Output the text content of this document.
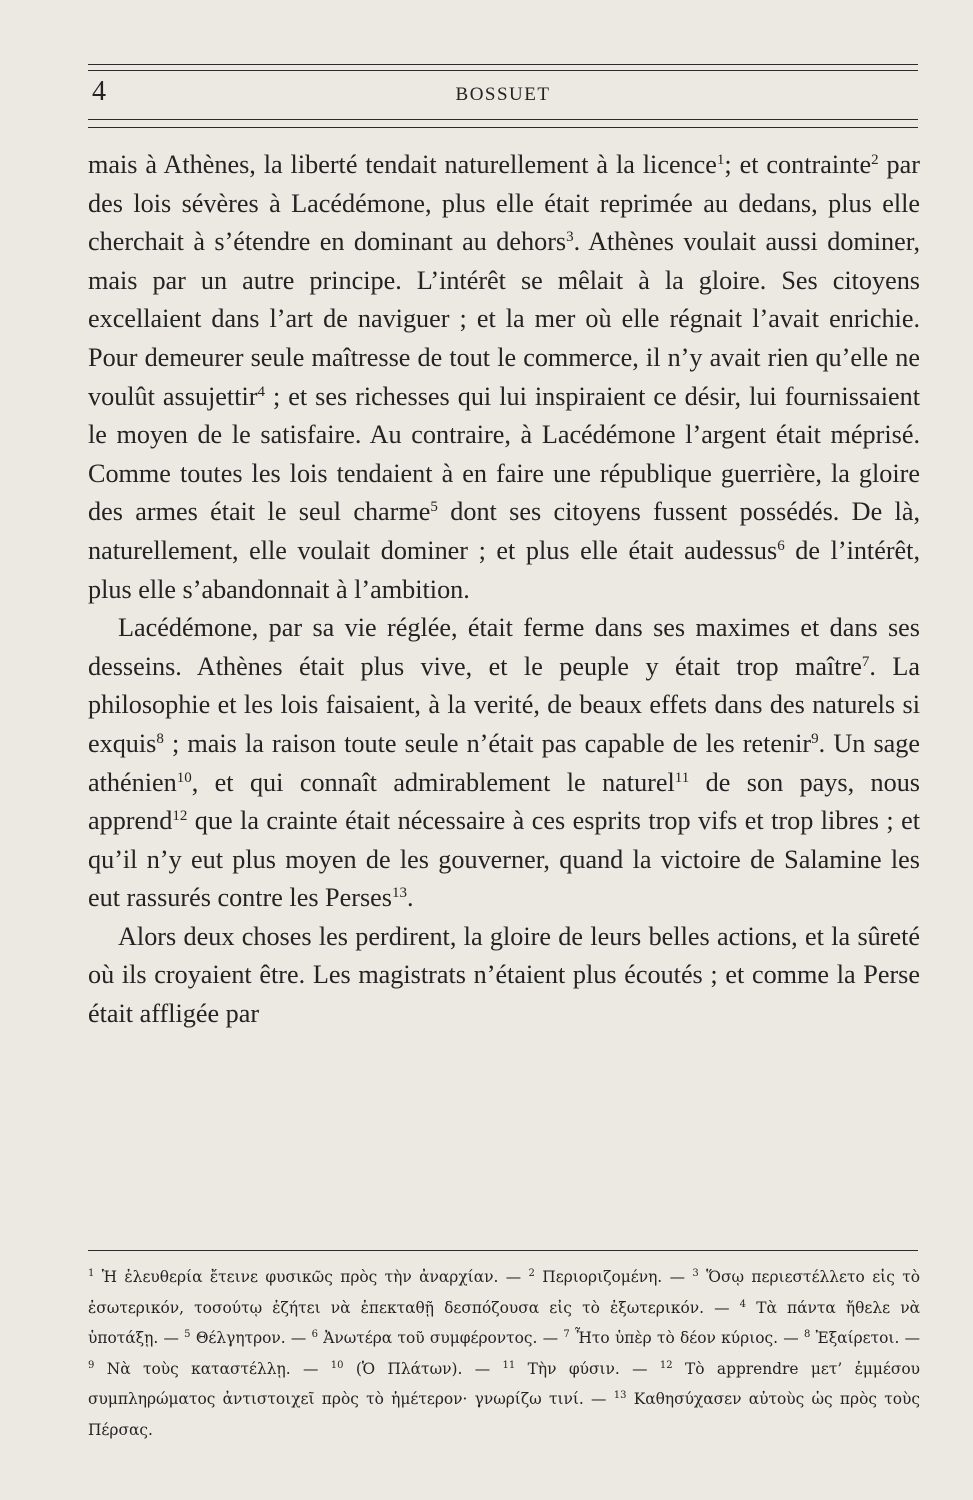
4	BOSSUET

mais à Athènes, la liberté tendait naturellement à la licence$^1$; et contrainte$^2$ par des lois sévères à Lacédémone, plus elle était reprimée au dedans, plus elle cherchait à s’étendre en dominant au dehors$^3$. Athènes voulait aussi dominer, mais par un autre principe. L’intérêt se mêlait à la gloire. Ses citoyens excellaient dans l’art de naviguer ; et la mer où elle régnait l’avait enrichie. Pour demeurer seule maîtresse de tout le commerce, il n’y avait rien qu’elle ne voulût assujettir$^4$ ; et ses richesses qui lui inspiraient ce désir, lui fournissaient le moyen de le satisfaire. Au contraire, à Lacédémone l’argent était méprisé. Comme toutes les lois tendaient à en faire une république guerrière, la gloire des armes était le seul charme$^5$ dont ses citoyens fussent possédés. De là, naturellement, elle voulait dominer ; et plus elle était audessus$^6$ de l’intérêt, plus elle s’abandonnait à l’ambition.

Lacédémone, par sa vie réglée, était ferme dans ses maximes et dans ses desseins. Athènes était plus vive, et le peuple y était trop maître$^7$. La philosophie et les lois faisaient, à la verité, de beaux effets dans des naturels si exquis$^8$ ; mais la raison toute seule n’était pas capable de les retenir$^9$. Un sage athénien$^{10}$, et qui connaît admirablement le naturel$^{11}$ de son pays, nous apprend$^{12}$ que la crainte était nécessaire à ces esprits trop vifs et trop libres ; et qu’il n’y eut plus moyen de les gouverner, quand la victoire de Salamine les eut rassurés contre les Perses$^{13}$.

Alors deux choses les perdirent, la gloire de leurs belles actions, et la sûreté où ils croyaient être. Les magistrats n’étaient plus écoutés ; et comme la Perse était affligée par

$^1$ Ἡ ἐλευθερία ἔτεινε φυσικῶς πρὸς τὴν ἀναρχίαν. — $^2$ Περιοριζομένη. — $^3$ Ὅσῳ περιεστέλλετο εἰς τὸ ἐσωτερικόν, τοσούτῳ ἐζήτει νὰ ἐπεκταθῇ δεσπόζουσα εἰς τὸ ἐξωτερικόν. — $^4$ Τὰ πάντα ἤθελε νὰ ὑποτάξῃ. — $^5$ Θέλγητρον. — $^6$ Ἀνωτέρα τοῦ συμφέροντος. — $^7$ Ἦτο ὑπὲρ τὸ δέον κύριος. — $^8$ Ἐξαίρετοι. — $^9$ Νὰ τοὺς καταστέλλῃ. — $^{10}$ (Ὁ Πλάτων). — $^{11}$ Τὴν φύσιν. — $^{12}$ Τὸ apprendre μετ’ ἐμμέσου συμπληρώματος ἀντιστοιχεῖ πρὸς τὸ ἡμέτερον· γνωρίζω τινί. — $^{13}$ Καθησύχασεν αὐτοὺς ὡς πρὸς τοὺς Πέρσας.
